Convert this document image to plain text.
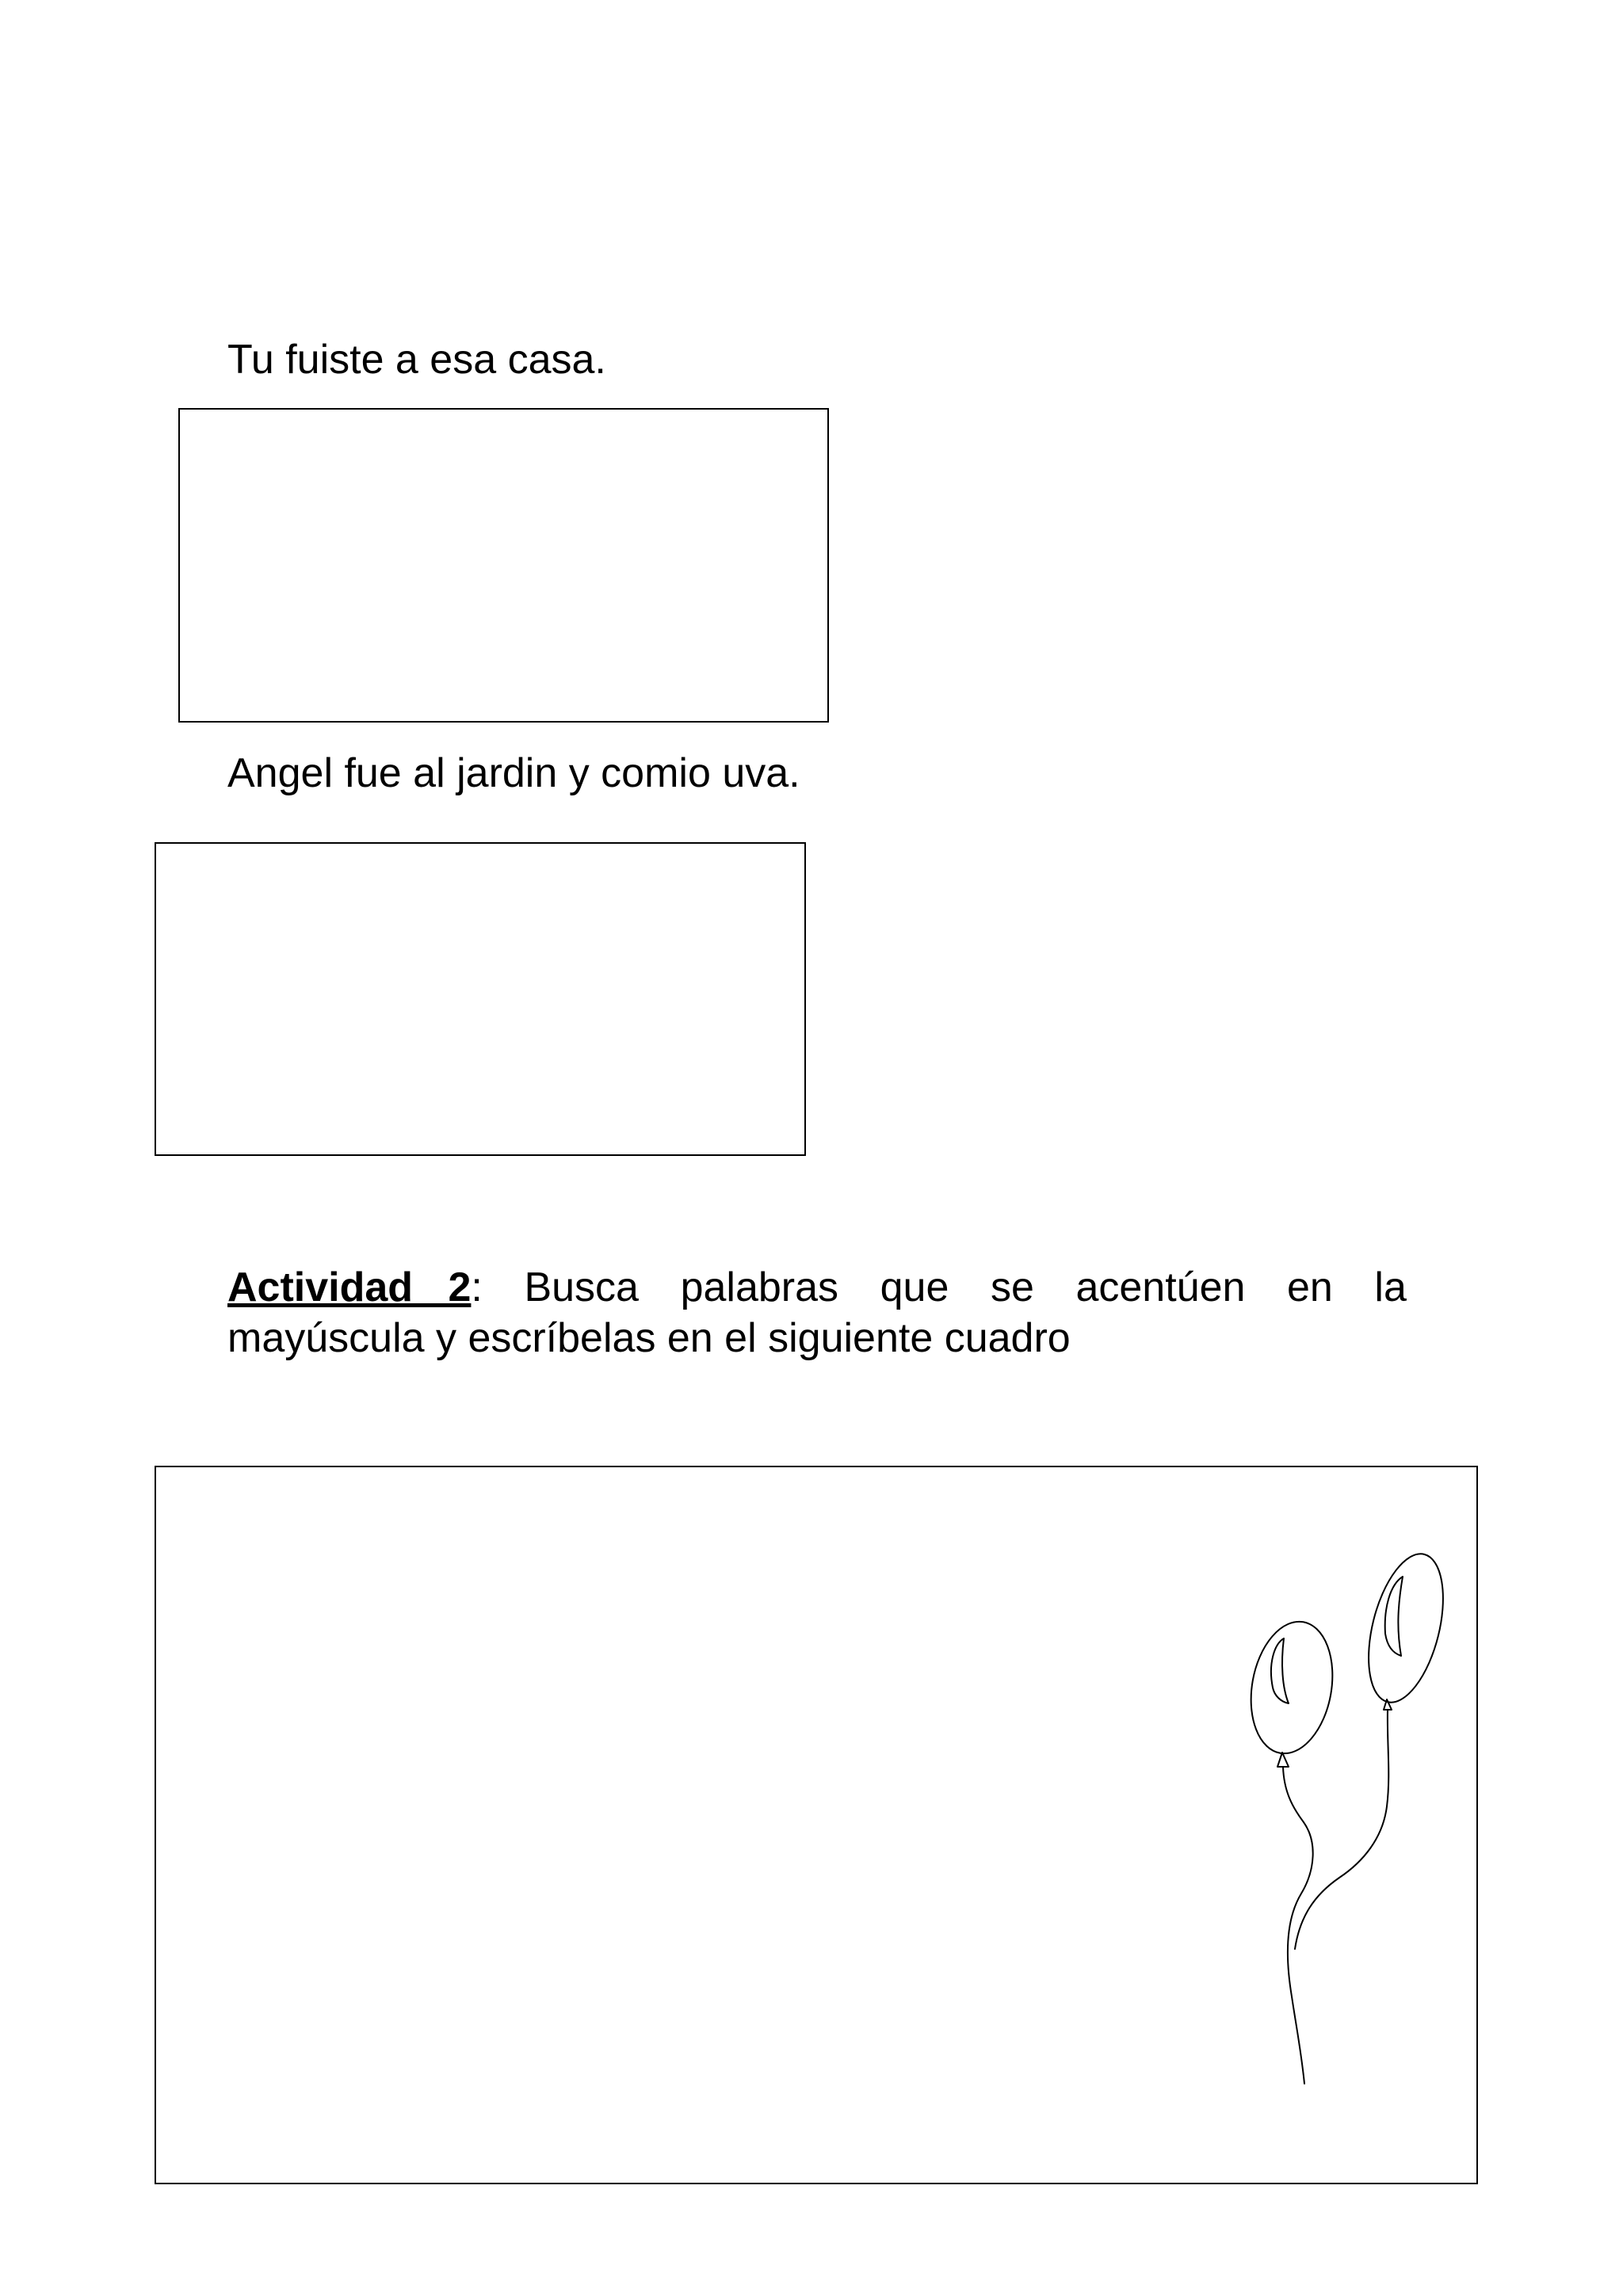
Tu fuiste a esa casa.
Angel fue al jardin y comio uva.
Actividad 2: Busca palabras que se acentúen en la
mayúscula y escríbelas en el siguiente cuadro
